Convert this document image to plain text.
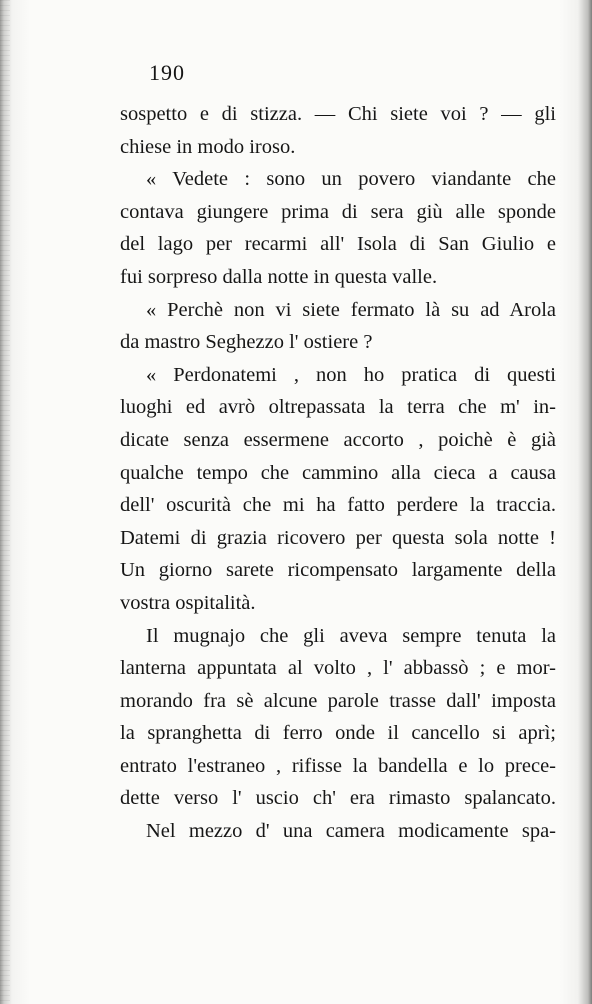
190
sospetto e di stizza. — Chi siete voi ? — gli
chiese in modo iroso.
« Vedete : sono un povero viandante che
contava giungere prima di sera giù alle sponde
del lago per recarmi all' Isola di San Giulio e
fui sorpreso dalla notte in questa valle.
« Perchè non vi siete fermato là su ad Arola
da mastro Seghezzo l' ostiere ?
« Perdonatemi , non ho pratica di questi
luoghi ed avrò oltrepassata la terra che m' in-
dicate senza essermene accorto , poichè è già
qualche tempo che cammino alla cieca a causa
dell' oscurità che mi ha fatto perdere la traccia.
Datemi di grazia ricovero per questa sola notte !
Un giorno sarete ricompensato largamente della
vostra ospitalità.
Il mugnajo che gli aveva sempre tenuta la
lanterna appuntata al volto , l' abbassò ; e mor-
morando fra sè alcune parole trasse dall' imposta
la spranghetta di ferro onde il cancello si aprì;
entrato l'estraneo , rifisse la bandella e lo prece-
dette verso l' uscio ch' era rimasto spalancato.
Nel mezzo d' una camera modicamente spa-
